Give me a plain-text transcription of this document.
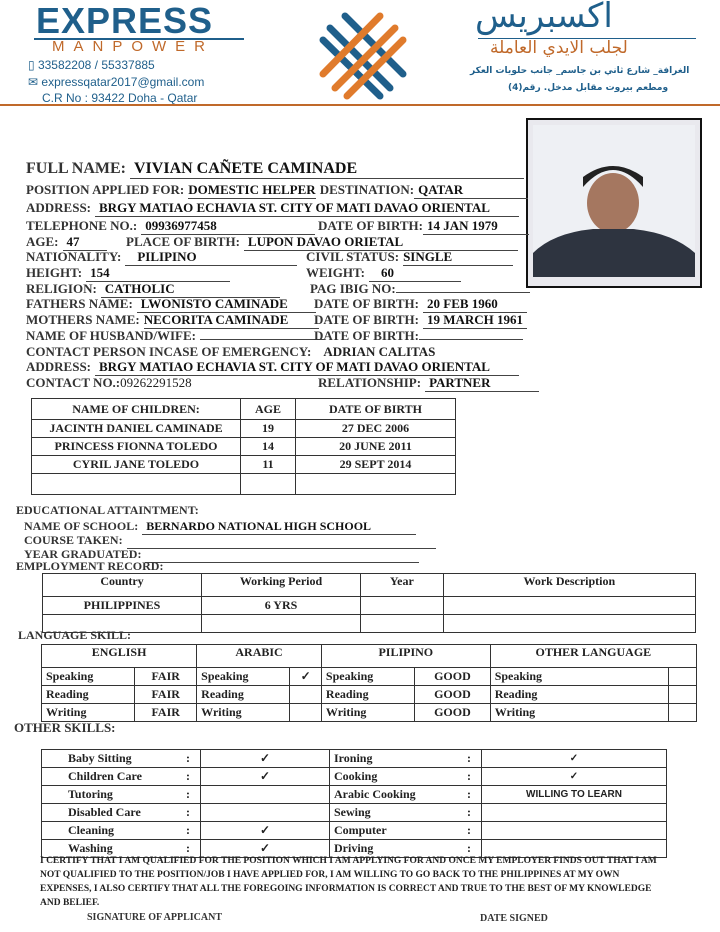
EXPRESS
MANPOWER
▯ 33582208 / 55337885
✉ expressqatar2017@gmail.com
C.R No : 93422 Doha - Qatar
اكسبريس
لجلب الايدي العاملة
الغرافة_ شارع ثاني بن جاسم_ جانب حلويات العكر
ومطعم بيروت مقابل مدخل. رقم(4)
FULL NAME: VIVIAN CAÑETE CAMINADE
POSITION APPLIED FOR: DOMESTIC HELPER DESTINATION: QATAR
ADDRESS: BRGY MATIAO ECHAVIA ST. CITY OF MATI DAVAO ORIENTAL
TELEPHONE NO.: 09936977458	DATE OF BIRTH: 14 JAN 1979
AGE: 47	PLACE OF BIRTH: LUPON DAVAO ORIETAL
NATIONALITY: PILIPINO	CIVIL STATUS: SINGLE
HEIGHT: 154	WEIGHT: 60
RELIGION: CATHOLIC	PAG IBIG NO:
FATHERS NAME: LWONISTO CAMINADE	DATE OF BIRTH: 20 FEB 1960
MOTHERS NAME: NECORITA CAMINADE	DATE OF BIRTH: 19 MARCH 1961
NAME OF HUSBAND/WIFE:	DATE OF BIRTH:
CONTACT PERSON INCASE OF EMERGENCY: ADRIAN CALITAS
ADDRESS: BRGY MATIAO ECHAVIA ST. CITY OF MATI DAVAO ORIENTAL
CONTACT NO.:09262291528	RELATIONSHIP: PARTNER
NAME OF CHILDREN:	AGE	DATE OF BIRTH
JACINTH DANIEL CAMINADE	19	27 DEC 2006
PRINCESS FIONNA TOLEDO	14	20 JUNE 2011
CYRIL JANE TOLEDO	11	29 SEPT 2014

EDUCATIONAL ATTAINTMENT:
NAME OF SCHOOL: BERNARDO NATIONAL HIGH SCHOOL
COURSE TAKEN:
YEAR GRADUATED:
EMPLOYMENT RECORD:
Country	Working Period	Year	Work Description
PHILIPPINES	6 YRS		

LANGUAGE SKILL:
ENGLISH		ARABIC		PILIPINO		OTHER LANGUAGE	
Speaking	FAIR	Speaking	✓	Speaking	GOOD	Speaking	
Reading	FAIR	Reading		Reading	GOOD	Reading	
Writing	FAIR	Writing		Writing	GOOD	Writing	
OTHER SKILLS:
Baby Sitting	:	✓	Ironing	:	✓
Children Care	:	✓	Cooking	:	✓
Tutoring	:		Arabic Cooking	:	WILLING TO LEARN
Disabled Care	:		Sewing	:	
Cleaning	:	✓	Computer	:	
Washing	:	✓	Driving	:	
I CERTIFY THAT I AM QUALIFIED FOR THE POSITION WHICH I AM APPLYING FOR AND ONCE MY EMPLOYER FINDS OUT THAT I AM NOT QUALIFIED TO THE POSITION/JOB I HAVE APPLIED FOR, I AM WILLING TO GO BACK TO THE PHILIPPINES AT MY OWN EXPENSES, I ALSO CERTIFY THAT ALL THE FOREGOING INFORMATION IS CORRECT AND TRUE TO THE BEST OF MY KNOWLEDGE AND BELIEF.
SIGNATURE OF APPLICANT	DATE SIGNED
